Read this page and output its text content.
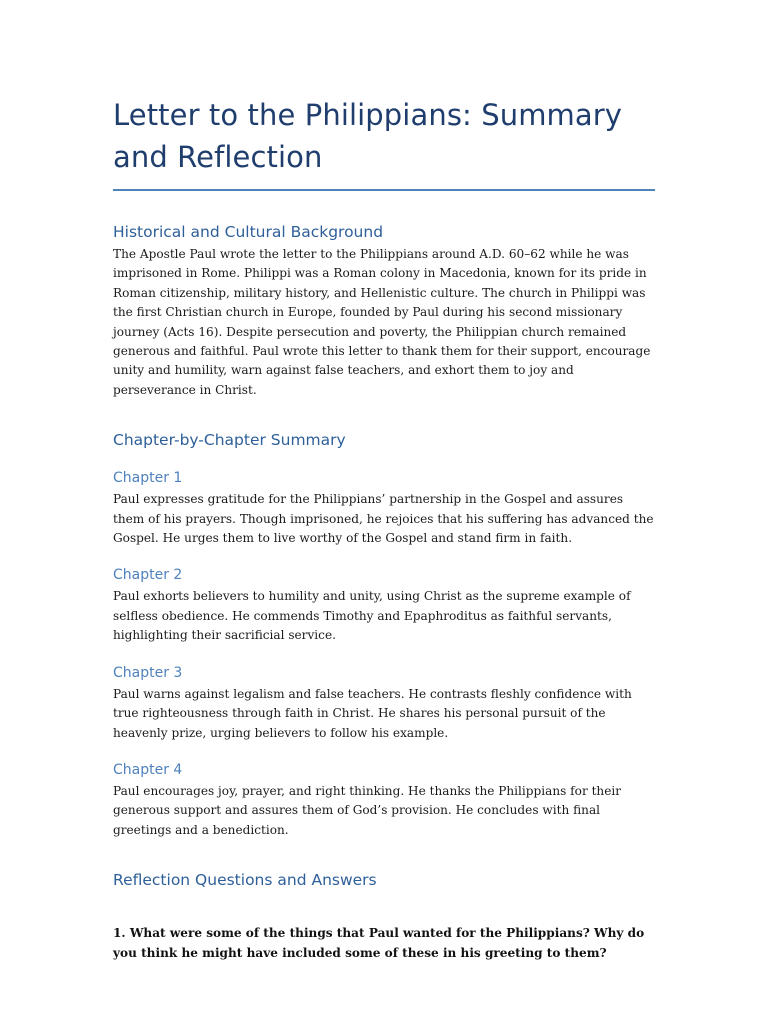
Letter to the Philippians: Summary and Reflection
Historical and Cultural Background

The Apostle Paul wrote the letter to the Philippians around A.D. 60–62 while he was imprisoned in Rome. Philippi was a Roman colony in Macedonia, known for its pride in Roman citizenship, military history, and Hellenistic culture. The church in Philippi was the first Christian church in Europe, founded by Paul during his second missionary journey (Acts 16). Despite persecution and poverty, the Philippian church remained generous and faithful. Paul wrote this letter to thank them for their support, encourage unity and humility, warn against false teachers, and exhort them to joy and perseverance in Christ.

Chapter-by-Chapter Summary
Chapter 1

Paul expresses gratitude for the Philippians’ partnership in the Gospel and assures them of his prayers. Though imprisoned, he rejoices that his suffering has advanced the Gospel. He urges them to live worthy of the Gospel and stand firm in faith.

Chapter 2

Paul exhorts believers to humility and unity, using Christ as the supreme example of selfless obedience. He commends Timothy and Epaphroditus as faithful servants, highlighting their sacrificial service.

Chapter 3

Paul warns against legalism and false teachers. He contrasts fleshly confidence with true righteousness through faith in Christ. He shares his personal pursuit of the heavenly prize, urging believers to follow his example.

Chapter 4

Paul encourages joy, prayer, and right thinking. He thanks the Philippians for their generous support and assures them of God’s provision. He concludes with final greetings and a benediction.

Reflection Questions and Answers

1. What were some of the things that Paul wanted for the Philippians? Why do you think he might have included some of these in his greeting to them?
